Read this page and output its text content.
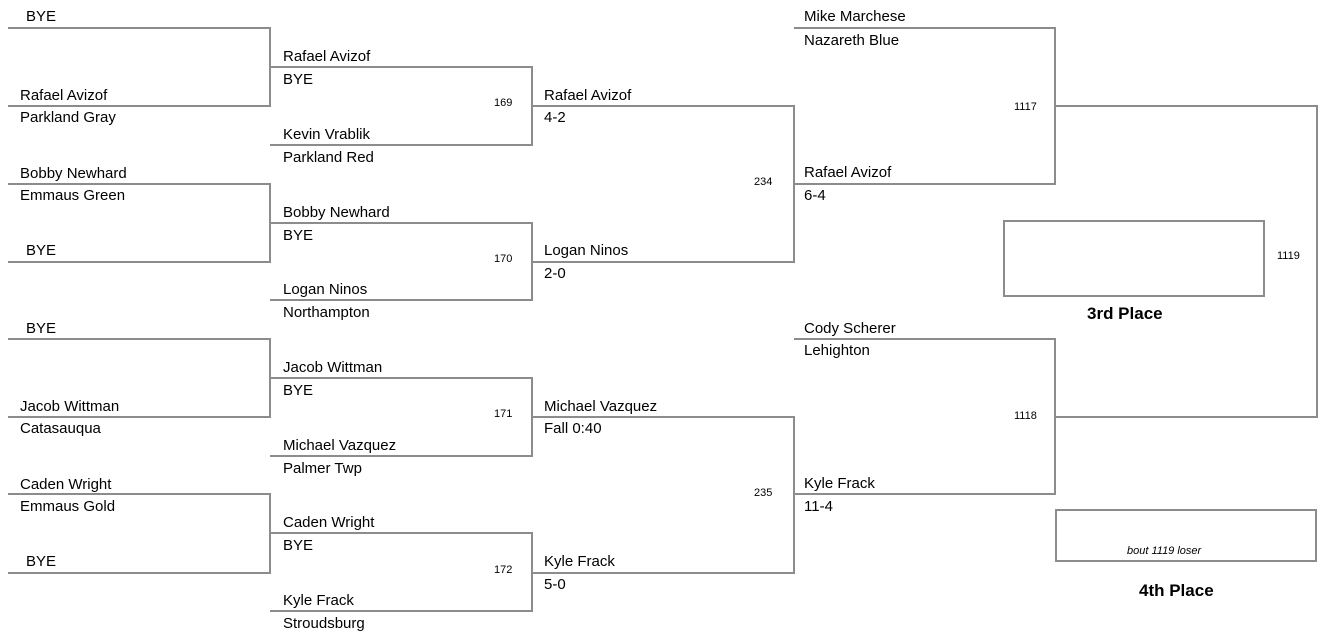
BYE
Rafael Avizof
Parkland Gray
Bobby Newhard
Emmaus Green
BYE
BYE
Jacob Wittman
Catasauqua
Caden Wright
Emmaus Gold
BYE
Rafael Avizof
BYE
Kevin Vrablik
Parkland Red
Bobby Newhard
BYE
Logan Ninos
Northampton
Jacob Wittman
BYE
Michael Vazquez
Palmer Twp
Caden Wright
BYE
Kyle Frack
Stroudsburg
169
170
171
172
Rafael Avizof
4-2
Logan Ninos
2-0
Michael Vazquez
Fall 0:40
Kyle Frack
5-0
234
235
Mike Marchese
Nazareth Blue
Rafael Avizof
6-4
Cody Scherer
Lehighton
Kyle Frack
11-4
1117
1118
1119
3rd Place
bout 1119 loser
4th Place
